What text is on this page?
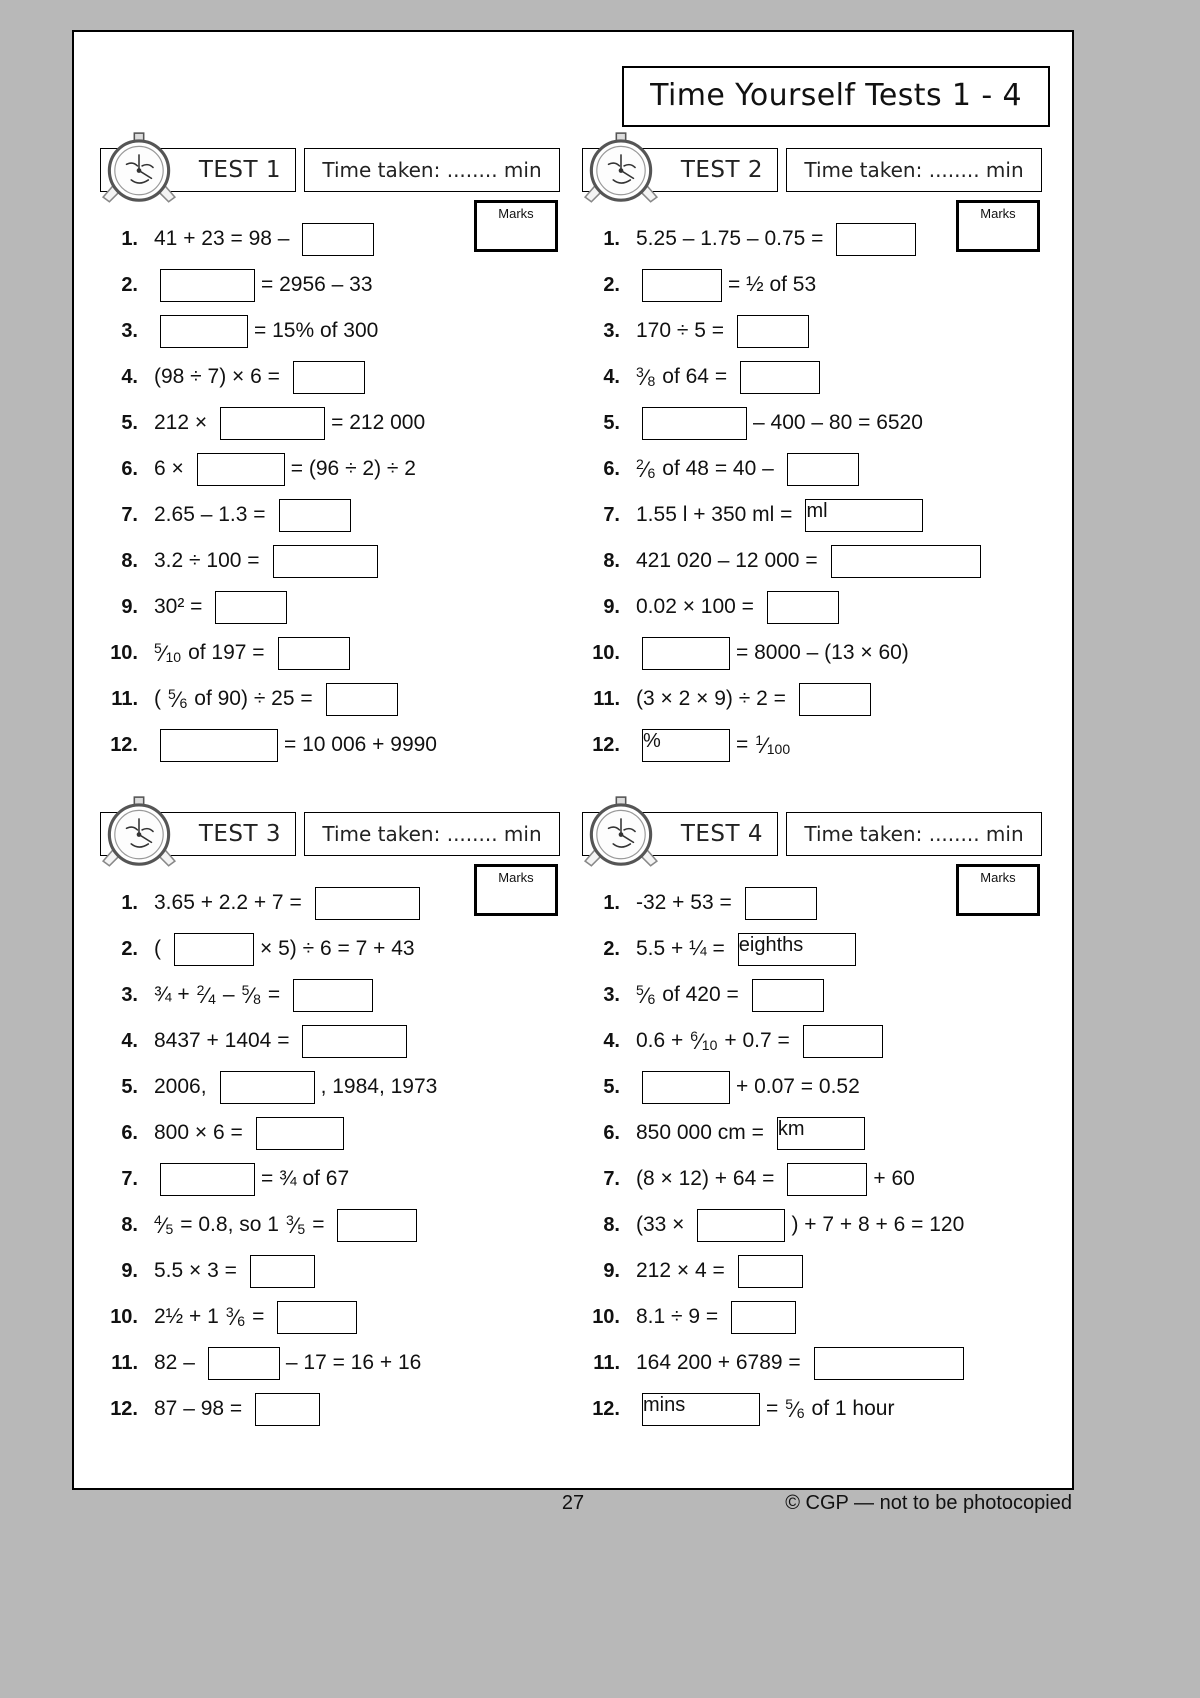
Time Yourself Tests 1 - 4
TEST 1 Time taken: ........ min
Marks
1. 41 + 23 = 98 –
2.	= 2956 – 33
3.	= 15% of 300
4. (98 ÷ 7) × 6 =
5. 212 ×	= 212 000
6. 6 ×	= (96 ÷ 2) ÷ 2
7. 2.65 – 1.3 =
8. 3.2 ÷ 100 =
9. 30² =
10.	$^5$⁄10 of 197 =
11. ( $^5$⁄6 of 90) ÷ 25 =
12.	= 10 006 + 9990
TEST 2 Time taken: ........ min
Marks
1. 5.25 – 1.75 – 0.75 =
2.	= ½ of 53
3. 170 ÷ 5 =
4.	$^3$⁄8 of 64 =
5.	– 400 – 80 = 6520
6.	$^2$⁄6 of 48 = 40 –
7. 1.55 l + 350 ml = ml
8. 421 020 – 12 000 =
9. 0.02 × 100 =
10.	= 8000 – (13 × 60)
11. (3 × 2 × 9) ÷ 2 =
12.	%	= $^1$⁄100
TEST 3 Time taken: ........ min
Marks
1. 3.65 + 2.2 + 7 =
2. (	× 5) ÷ 6 = 7 + 43
3. ¾ + $^2$⁄4 – $^5$⁄8 =
4. 8437 + 1404 =
5. 2006,	, 1984, 1973
6. 800 × 6 =
7.	= ¾ of 67
8.	$^4$⁄5 = 0.8, so 1 $^3$⁄5 =
9. 5.5 × 3 =
10. 2½ + 1 $^3$⁄6 =
11. 82 –	– 17 = 16 + 16
12. 87 – 98 =
TEST 4 Time taken: ........ min
Marks
1. -32 + 53 =
2. 5.5 + ¼ = eighths
3.	$^5$⁄6 of 420 =
4. 0.6 + $^6$⁄10 + 0.7 =
5.	+ 0.07 = 0.52
6. 850 000 cm = km
7. (8 × 12) + 64 =	+ 60
8. (33 ×	) + 7 + 8 + 6 = 120
9. 212 × 4 =
10. 8.1 ÷ 9 =
11. 164 200 + 6789 =
12.	mins	= $^5$⁄6 of 1 hour
27	© CGP — not to be photocopied
